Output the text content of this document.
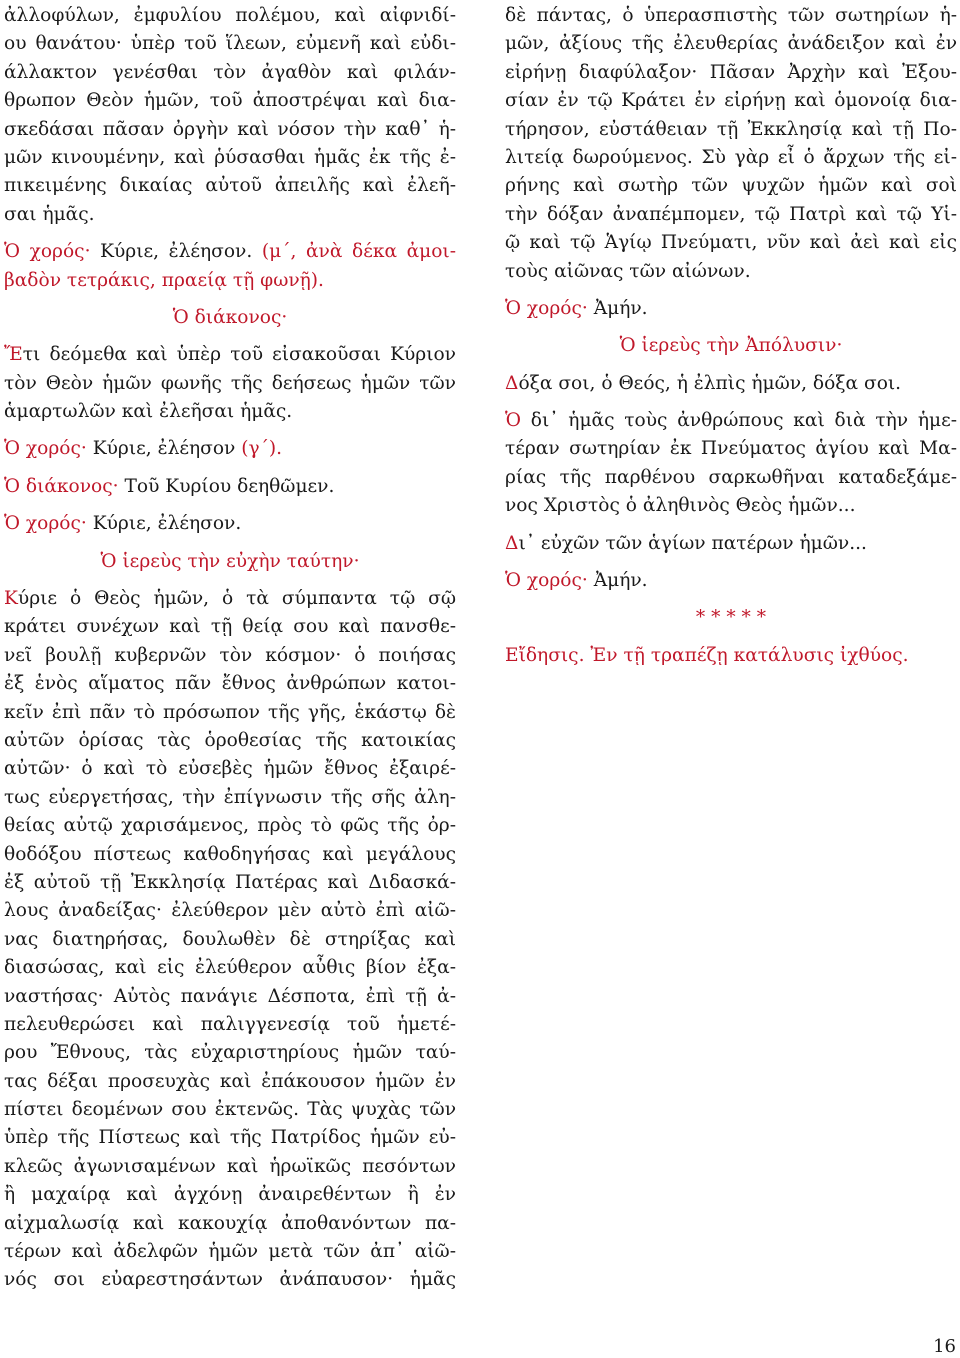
ἀλλοφύλων, ἐμφυλίου πολέμου, καὶ αἰφνιδί-
ου θανάτου· ὑπὲρ τοῦ ἵλεων, εὐμενῆ καὶ εὐδι-
άλλακτον γενέσθαι τὸν ἀγαθὸν καὶ φιλάν-
θρωπον Θεὸν ἡμῶν, τοῦ ἀποστρέψαι καὶ δια-
σκεδάσαι πᾶσαν ὀργὴν καὶ νόσον τὴν καθ᾿ ἡ-
μῶν κινουμένην, καὶ ῥύσασθαι ἡμᾶς ἐκ τῆς ἐ-
πικειμένης δικαίας αὐτοῦ ἀπειλῆς καὶ ἐλεῆ-
σαι ἡμᾶς.
Ὁ χορός· Κύριε, ἐλέησον. (μ΄, ἀνὰ δέκα ἀμοι-
βαδὸν τετράκις, πραείᾳ τῇ φωνῇ).
Ὁ διάκονος·
Ἔτι δεόμεθα καὶ ὑπὲρ τοῦ εἰσακοῦσαι Κύριον
τὸν Θεὸν ἡμῶν φωνῆς τῆς δεήσεως ἡμῶν τῶν
ἁμαρτωλῶν καὶ ἐλεῆσαι ἡμᾶς.
Ὁ χορός· Κύριε, ἐλέησον (γ΄).
Ὁ διάκονος· Τοῦ Κυρίου δεηθῶμεν.
Ὁ χορός· Κύριε, ἐλέησον.
Ὁ ἱερεὺς τὴν εὐχὴν ταύτην·
Κύριε ὁ Θεὸς ἡμῶν, ὁ τὰ σύμπαντα τῷ σῷ
κράτει συνέχων καὶ τῇ θείᾳ σου καὶ πανσθε-
νεῖ βουλῇ κυβερνῶν τὸν κόσμον· ὁ ποιήσας
ἐξ ἑνὸς αἵματος πᾶν ἔθνος ἀνθρώπων κατοι-
κεῖν ἐπὶ πᾶν τὸ πρόσωπον τῆς γῆς, ἑκάστῳ δὲ
αὐτῶν ὁρίσας τὰς ὁροθεσίας τῆς κατοικίας
αὐτῶν· ὁ καὶ τὸ εὐσεβὲς ἡμῶν ἔθνος ἐξαιρέ-
τως εὐεργετήσας, τὴν ἐπίγνωσιν τῆς σῆς ἀλη-
θείας αὐτῷ χαρισάμενος, πρὸς τὸ φῶς τῆς ὀρ-
θοδόξου πίστεως καθοδηγήσας καὶ μεγάλους
ἐξ αὐτοῦ τῇ Ἐκκλησίᾳ Πατέρας καὶ Διδασκά-
λους ἀναδείξας· ἐλεύθερον μὲν αὐτὸ ἐπὶ αἰῶ-
νας διατηρήσας, δουλωθὲν δὲ στηρίξας καὶ
διασώσας, καὶ εἰς ἐλεύθερον αὖθις βίον ἐξα-
ναστήσας· Αὐτὸς πανάγιε Δέσποτα, ἐπὶ τῇ ἀ-
πελευθερώσει καὶ παλιγγενεσίᾳ τοῦ ἡμετέ-
ρου Ἔθνους, τὰς εὐχαριστηρίους ἡμῶν ταύ-
τας δέξαι προσευχὰς καὶ ἐπάκουσον ἡμῶν ἐν
πίστει δεομένων σου ἐκτενῶς. Τὰς ψυχὰς τῶν
ὑπὲρ τῆς Πίστεως καὶ τῆς Πατρίδος ἡμῶν εὐ-
κλεῶς ἀγωνισαμένων καὶ ἡρωϊκῶς πεσόντων
ἢ μαχαίρᾳ καὶ ἀγχόνῃ ἀναιρεθέντων ἢ ἐν
αἰχμαλωσίᾳ καὶ κακουχίᾳ ἀποθανόντων πα-
τέρων καὶ ἀδελφῶν ἡμῶν μετὰ τῶν ἀπ᾿ αἰῶ-
νός σοι εὐαρεστησάντων ἀνάπαυσον· ἡμᾶς
δὲ πάντας, ὁ ὑπερασπιστὴς τῶν σωτηρίων ἡ-
μῶν, ἀξίους τῆς ἐλευθερίας ἀνάδειξον καὶ ἐν
εἰρήνῃ διαφύλαξον· Πᾶσαν Ἀρχὴν καὶ Ἐξου-
σίαν ἐν τῷ Κράτει ἐν εἰρήνῃ καὶ ὁμονοίᾳ δια-
τήρησον, εὐστάθειαν τῇ Ἐκκλησίᾳ καὶ τῇ Πο-
λιτείᾳ δωρούμενος. Σὺ γὰρ εἶ ὁ ἄρχων τῆς εἰ-
ρήνης καὶ σωτὴρ τῶν ψυχῶν ἡμῶν καὶ σοὶ
τὴν δόξαν ἀναπέμπομεν, τῷ Πατρὶ καὶ τῷ Υἱ-
ῷ καὶ τῷ Ἁγίῳ Πνεύματι, νῦν καὶ ἀεὶ καὶ εἰς
τοὺς αἰῶνας τῶν αἰώνων.
Ὁ χορός· Ἀμήν.
Ὁ ἱερεὺς τὴν Ἀπόλυσιν·
Δόξα σοι, ὁ Θεός, ἡ ἐλπὶς ἡμῶν, δόξα σοι.
Ὁ δι᾿ ἡμᾶς τοὺς ἀνθρώπους καὶ διὰ τὴν ἡμε-
τέραν σωτηρίαν ἐκ Πνεύματος ἁγίου καὶ Μα-
ρίας τῆς παρθένου σαρκωθῆναι καταδεξάμε-
νος Χριστὸς ὁ ἀληθινὸς Θεὸς ἡμῶν...
Δι᾿ εὐχῶν τῶν ἁγίων πατέρων ἡμῶν...
Ὁ χορός· Ἀμήν.
* * * * *
Εἴδησις. Ἐν τῇ τραπέζῃ κατάλυσις ἰχθύος.
16
